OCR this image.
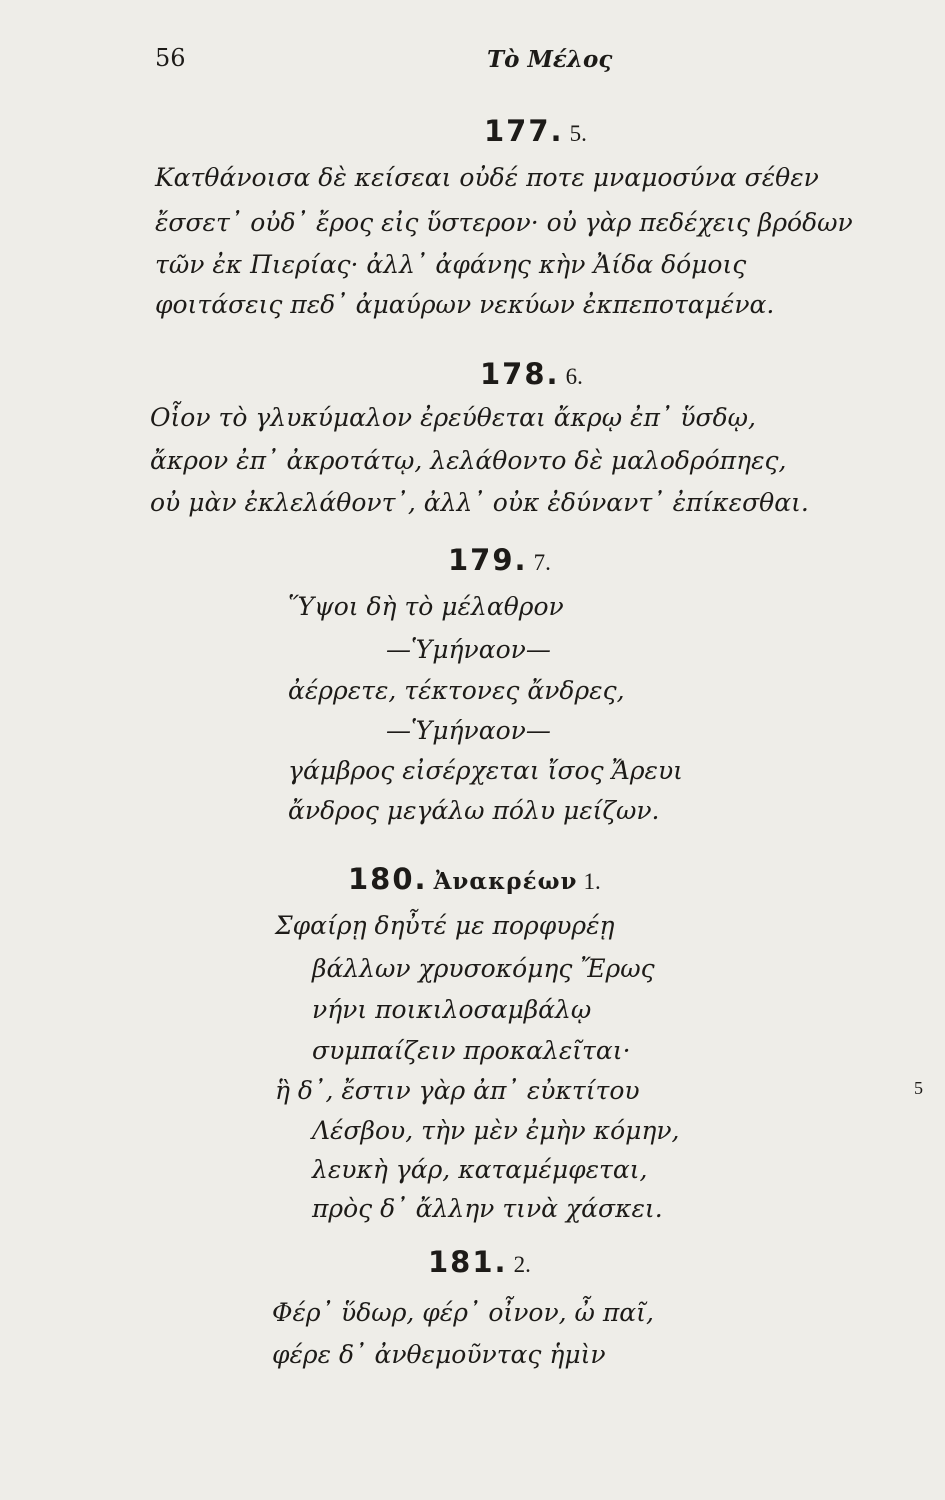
56	Τὸ Μέλος
177. 5.
Κατθάνοισα δὲ κείσεαι οὐδέ ποτε μναμοσύνα σέθεν
ἔσσετ᾽ οὐδ᾽ ἔρος εἰς ὕστερον· οὐ γὰρ πεδέχεις βρόδων
τῶν ἐκ Πιερίας· ἀλλ᾽ ἀφάνης κὴν Ἀίδα δόμοις
φοιτάσεις πεδ᾽ ἀμαύρων νεκύων ἐκπεποταμένα.
178. 6.
Οἷον τὸ γλυκύμαλον ἐρεύθεται ἄκρῳ ἐπ᾽ ὕσδῳ,
ἄκρον ἐπ᾽ ἀκροτάτῳ, λελάθοντο δὲ μαλοδρόπηες,
οὐ μὰν ἐκλελάθοντ᾽, ἀλλ᾽ οὐκ ἐδύναντ᾽ ἐπίκεσθαι.
179. 7.
Ὕψοι δὴ τὸ μέλαθρον
—Ὑμήναον—
ἀέρρετε, τέκτονες ἄνδρες,
—Ὑμήναον—
γάμβρος εἰσέρχεται ἴσος Ἄρευι
ἄνδρος μεγάλω πόλυ μείζων.
180. Ἀνακρέων 1.
Σφαίρῃ δηὖτέ με πορφυρέῃ
βάλλων χρυσοκόμης Ἔρως
νήνι ποικιλοσαμβάλῳ
συμπαίζειν προκαλεῖται·
ἣ δ᾽, ἔστιν γὰρ ἀπ᾽ εὐκτίτου
Λέσβου, τὴν μὲν ἐμὴν κόμην,
λευκὴ γάρ, καταμέμφεται,
πρὸς δ᾽ ἄλλην τινὰ χάσκει.
5
181. 2.
Φέρ᾽ ὕδωρ, φέρ᾽ οἶνον, ὦ παῖ,
φέρε δ᾽ ἀνθεμοῦντας ἡμὶν
